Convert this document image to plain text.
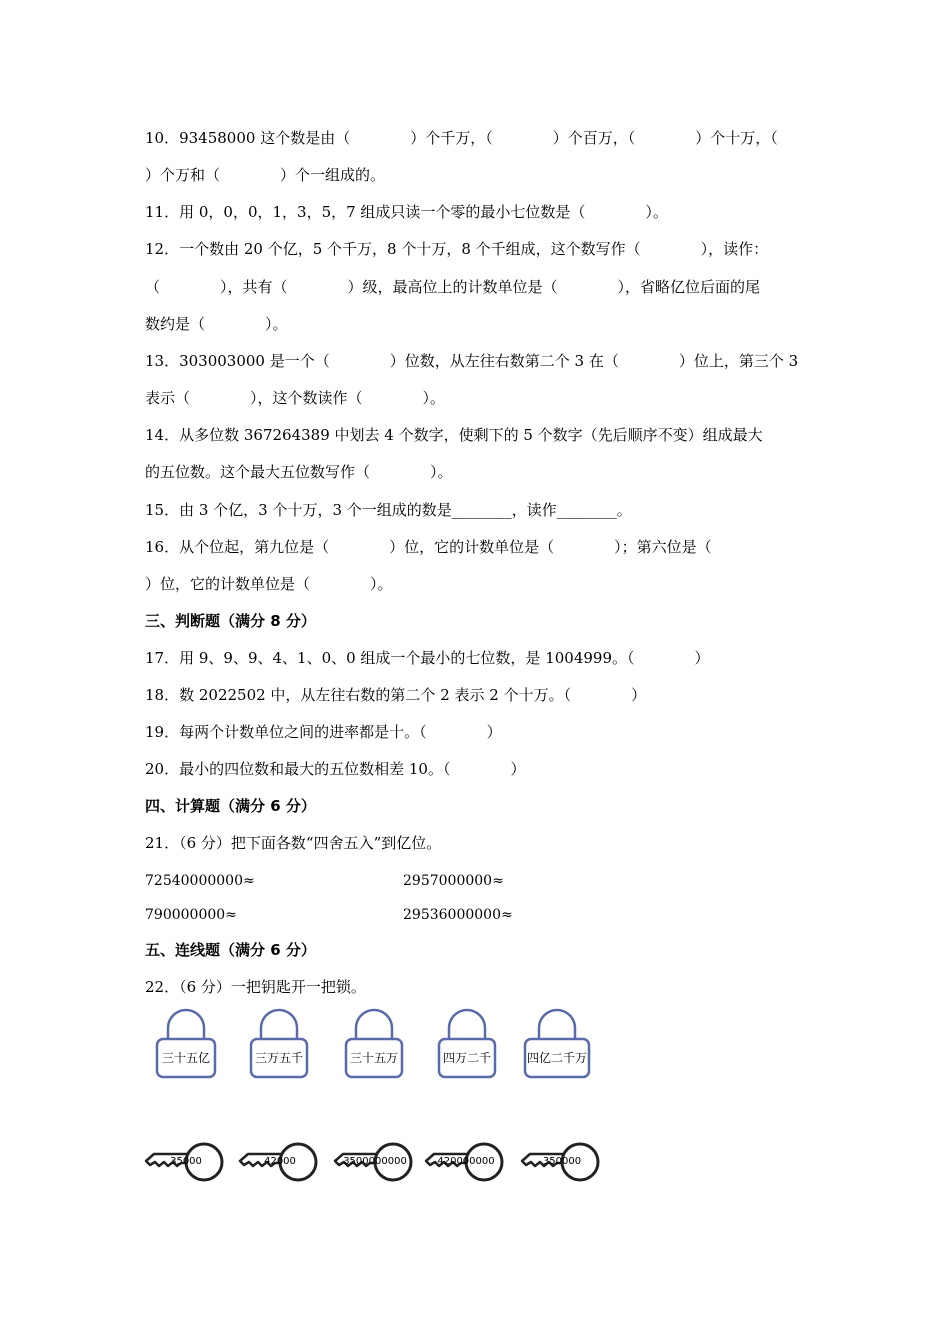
10．93458000 这个数是由（　　　　）个千万，（　　　　）个百万，（　　　　）个十万，（
）个万和（　　　　）个一组成的。
11．用 0，0，0，1，3，5，7 组成只读一个零的最小七位数是（　　　　）。
12．一个数由 20 个亿，5 个千万，8 个十万，8 个千组成，这个数写作（　　　　），读作：
（　　　　），共有（　　　　）级，最高位上的计数单位是（　　　　），省略亿位后面的尾
数约是（　　　　）。
13．303003000 是一个（　　　　）位数，从左往右数第二个 3 在（　　　　）位上，第三个 3
表示（　　　　），这个数读作（　　　　）。
14．从多位数 367264389 中划去 4 个数字，使剩下的 5 个数字（先后顺序不变）组成最大
的五位数。这个最大五位数写作（　　　　）。
15．由 3 个亿，3 个十万，3 个一组成的数是________，读作________。
16．从个位起，第九位是（　　　　）位，它的计数单位是（　　　　）；第六位是（
）位，它的计数单位是（　　　　）。
三、判断题（满分 8 分）
17．用 9、9、9、4、1、0、0 组成一个最小的七位数，是 1004999。（　　　　）
18．数 2022502 中，从左往右数的第二个 2 表示 2 个十万。（　　　　）
19．每两个计数单位之间的进率都是十。（　　　　）
20．最小的四位数和最大的五位数相差 10。（　　　　）
四、计算题（满分 6 分）
21．（6 分）把下面各数“四舍五入”到亿位。
72540000000≈	2957000000≈
790000000≈	29536000000≈
五、连线题（满分 6 分）
22．（6 分）一把钥匙开一把锁。
三十五亿	三万五千	三十五万	四万二千	四亿二千万
35000	42000	3500000000	420000000	350000
